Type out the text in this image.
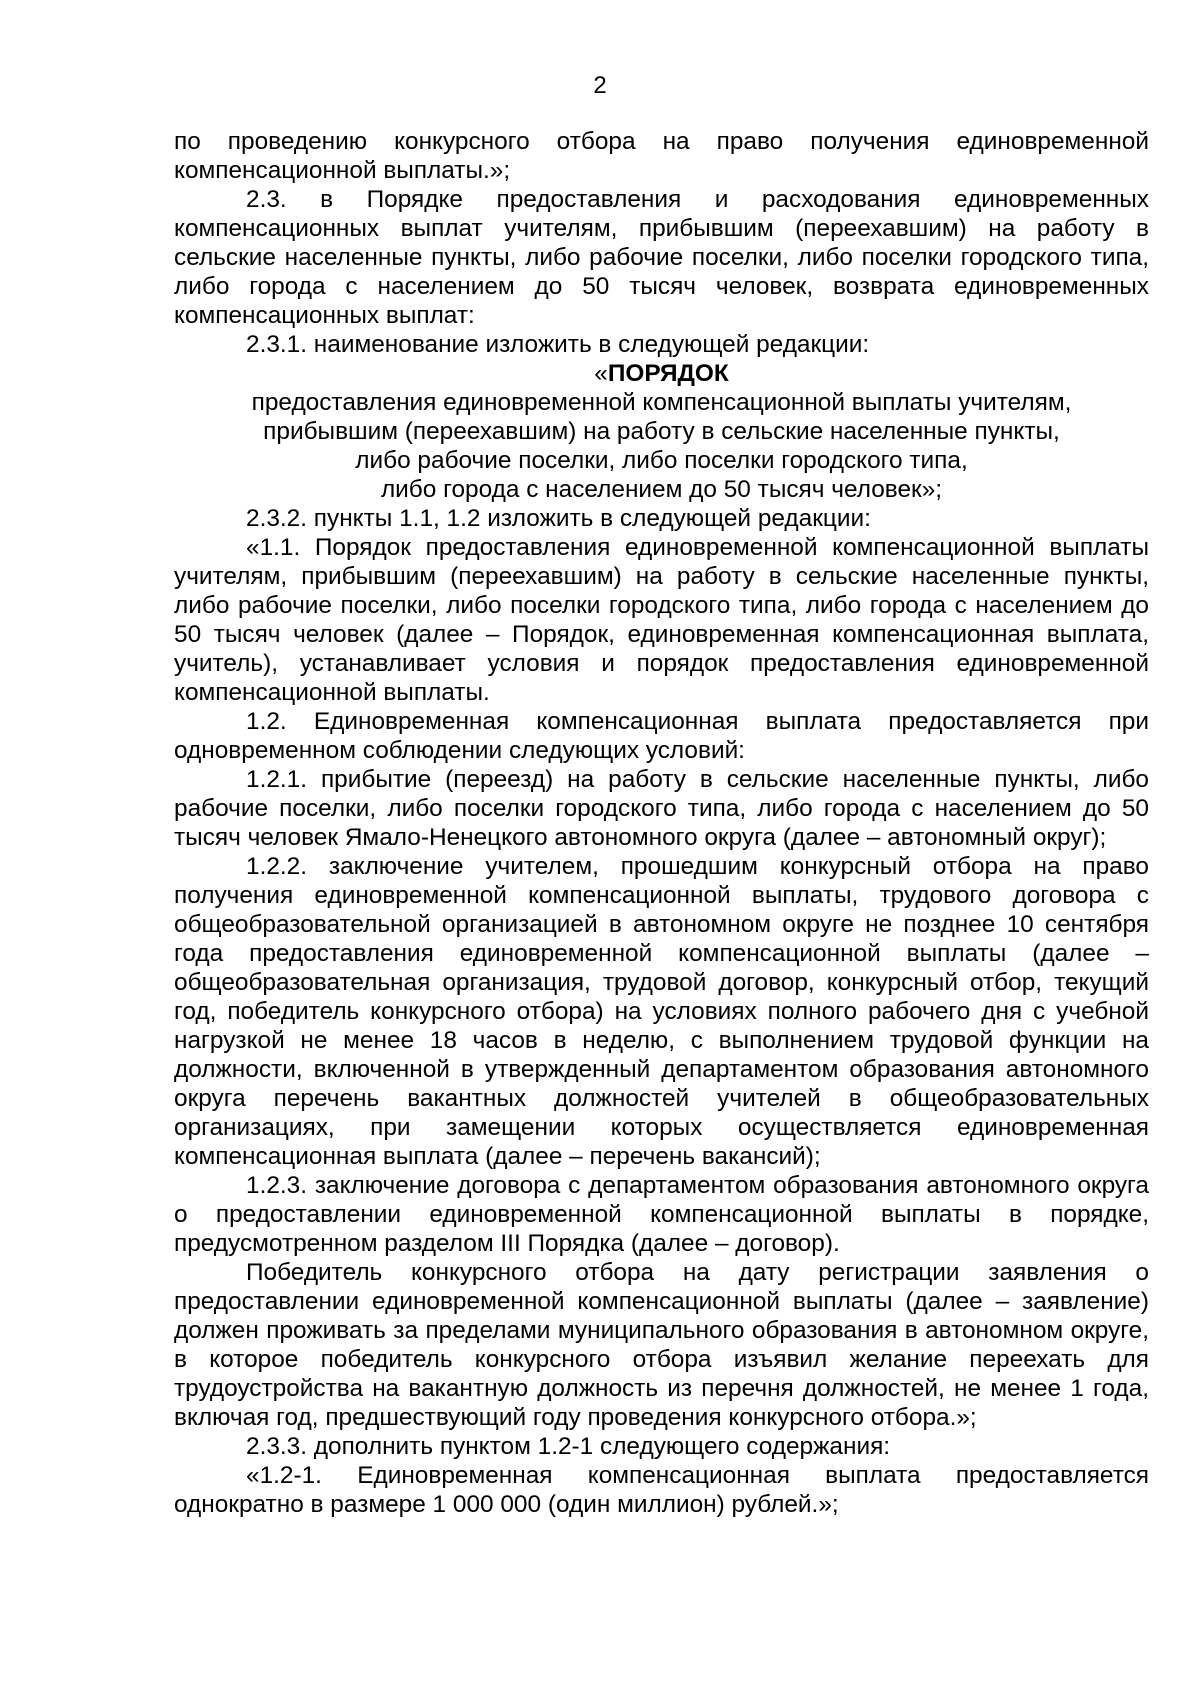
2

по проведению конкурсного отбора на право получения единовременной компенсационной выплаты.»;

2.3. в Порядке предоставления и расходования единовременных компенсационных выплат учителям, прибывшим (переехавшим) на работу в сельские населенные пункты, либо рабочие поселки, либо поселки городского типа, либо города с населением до 50 тысяч человек, возврата единовременных компенсационных выплат:

2.3.1. наименование изложить в следующей редакции:

«ПОРЯДОК

предоставления единовременной компенсационной выплаты учителям,

прибывшим (переехавшим) на работу в сельские населенные пункты,

либо рабочие поселки, либо поселки городского типа,

либо города с населением до 50 тысяч человек»;

2.3.2. пункты 1.1, 1.2 изложить в следующей редакции:

«1.1. Порядок предоставления единовременной компенсационной выплаты учителям, прибывшим (переехавшим) на работу в сельские населенные пункты, либо рабочие поселки, либо поселки городского типа, либо города с населением до 50 тысяч человек (далее – Порядок, единовременная компенсационная выплата, учитель), устанавливает условия и порядок предоставления единовременной компенсационной выплаты.

1.2. Единовременная компенсационная выплата предоставляется при одновременном соблюдении следующих условий:

1.2.1. прибытие (переезд) на работу в сельские населенные пункты, либо рабочие поселки, либо поселки городского типа, либо города с населением до 50 тысяч человек Ямало-Ненецкого автономного округа (далее – автономный округ);

1.2.2. заключение учителем, прошедшим конкурсный отбора на право получения единовременной компенсационной выплаты, трудового договора с общеобразовательной организацией в автономном округе не позднее 10 сентября года предоставления единовременной компенсационной выплаты (далее – общеобразовательная организация, трудовой договор, конкурсный отбор, текущий год, победитель конкурсного отбора) на условиях полного рабочего дня с учебной нагрузкой не менее 18 часов в неделю, с выполнением трудовой функции на должности, включенной в утвержденный департаментом образования автономного округа перечень вакантных должностей учителей в общеобразовательных организациях, при замещении которых осуществляется единовременная компенсационная выплата (далее – перечень вакансий);

1.2.3. заключение договора с департаментом образования автономного округа о предоставлении единовременной компенсационной выплаты в порядке, предусмотренном разделом III Порядка (далее – договор).

Победитель конкурсного отбора на дату регистрации заявления о предоставлении единовременной компенсационной выплаты (далее – заявление) должен проживать за пределами муниципального образования в автономном округе, в которое победитель конкурсного отбора изъявил желание переехать для трудоустройства на вакантную должность из перечня должностей, не менее 1 года, включая год, предшествующий году проведения конкурсного отбора.»;

2.3.3. дополнить пунктом 1.2-1 следующего содержания:

«1.2-1. Единовременная компенсационная выплата предоставляется однократно в размере 1 000 000 (один миллион) рублей.»;
